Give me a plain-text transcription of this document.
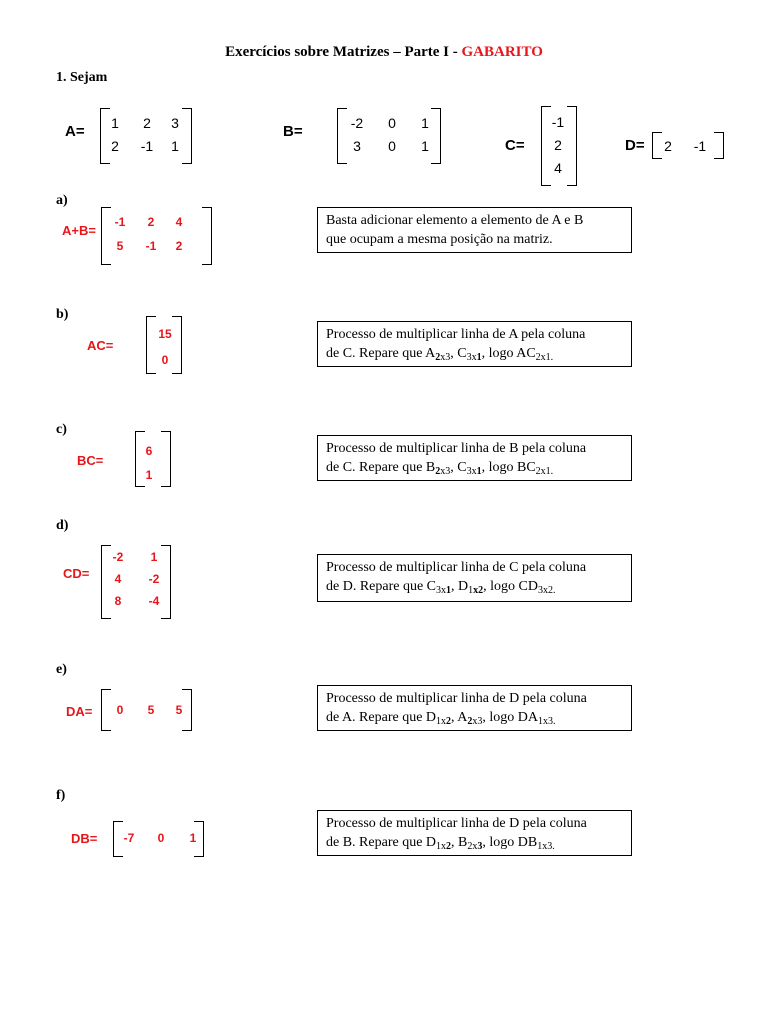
Exercícios sobre Matrizes – Parte I - GABARITO
1. Sejam
A=	1	2	3
2	-1	1
B=	-2	0	1
3	0	1	C=
-1
2
4
D=	2	-1
a)
A+B=
-1	2	4
5	-1	2
Basta adicionar elemento a elemento de A e B
que ocupam a mesma posição na matriz.
b)
AC=
15
0
Processo de multiplicar linha de A pela coluna
de C. Repare que $A_{2x3}$, $C_{3x1}$, logo $AC_{2x1.}$
c)
BC=
6
1
Processo de multiplicar linha de B pela coluna
de C. Repare que $B_{2x3}$, $C_{3x1}$, logo $BC_{2x1.}$
d)
CD=
-2	1
4	-2
8	-4
Processo de multiplicar linha de C pela coluna
de D. Repare que $C_{3x1}$, $D_{1x2}$, logo $CD_{3x2.}$
e)
DA=	0	5	5
Processo de multiplicar linha de D pela coluna
de A. Repare que $D_{1x2}$, $A_{2x3}$, logo $DA_{1x3.}$
f)
DB=	-7	0	1
Processo de multiplicar linha de D pela coluna
de B. Repare que $D_{1x2}$, $B_{2x3}$, logo $DB_{1x3.}$
